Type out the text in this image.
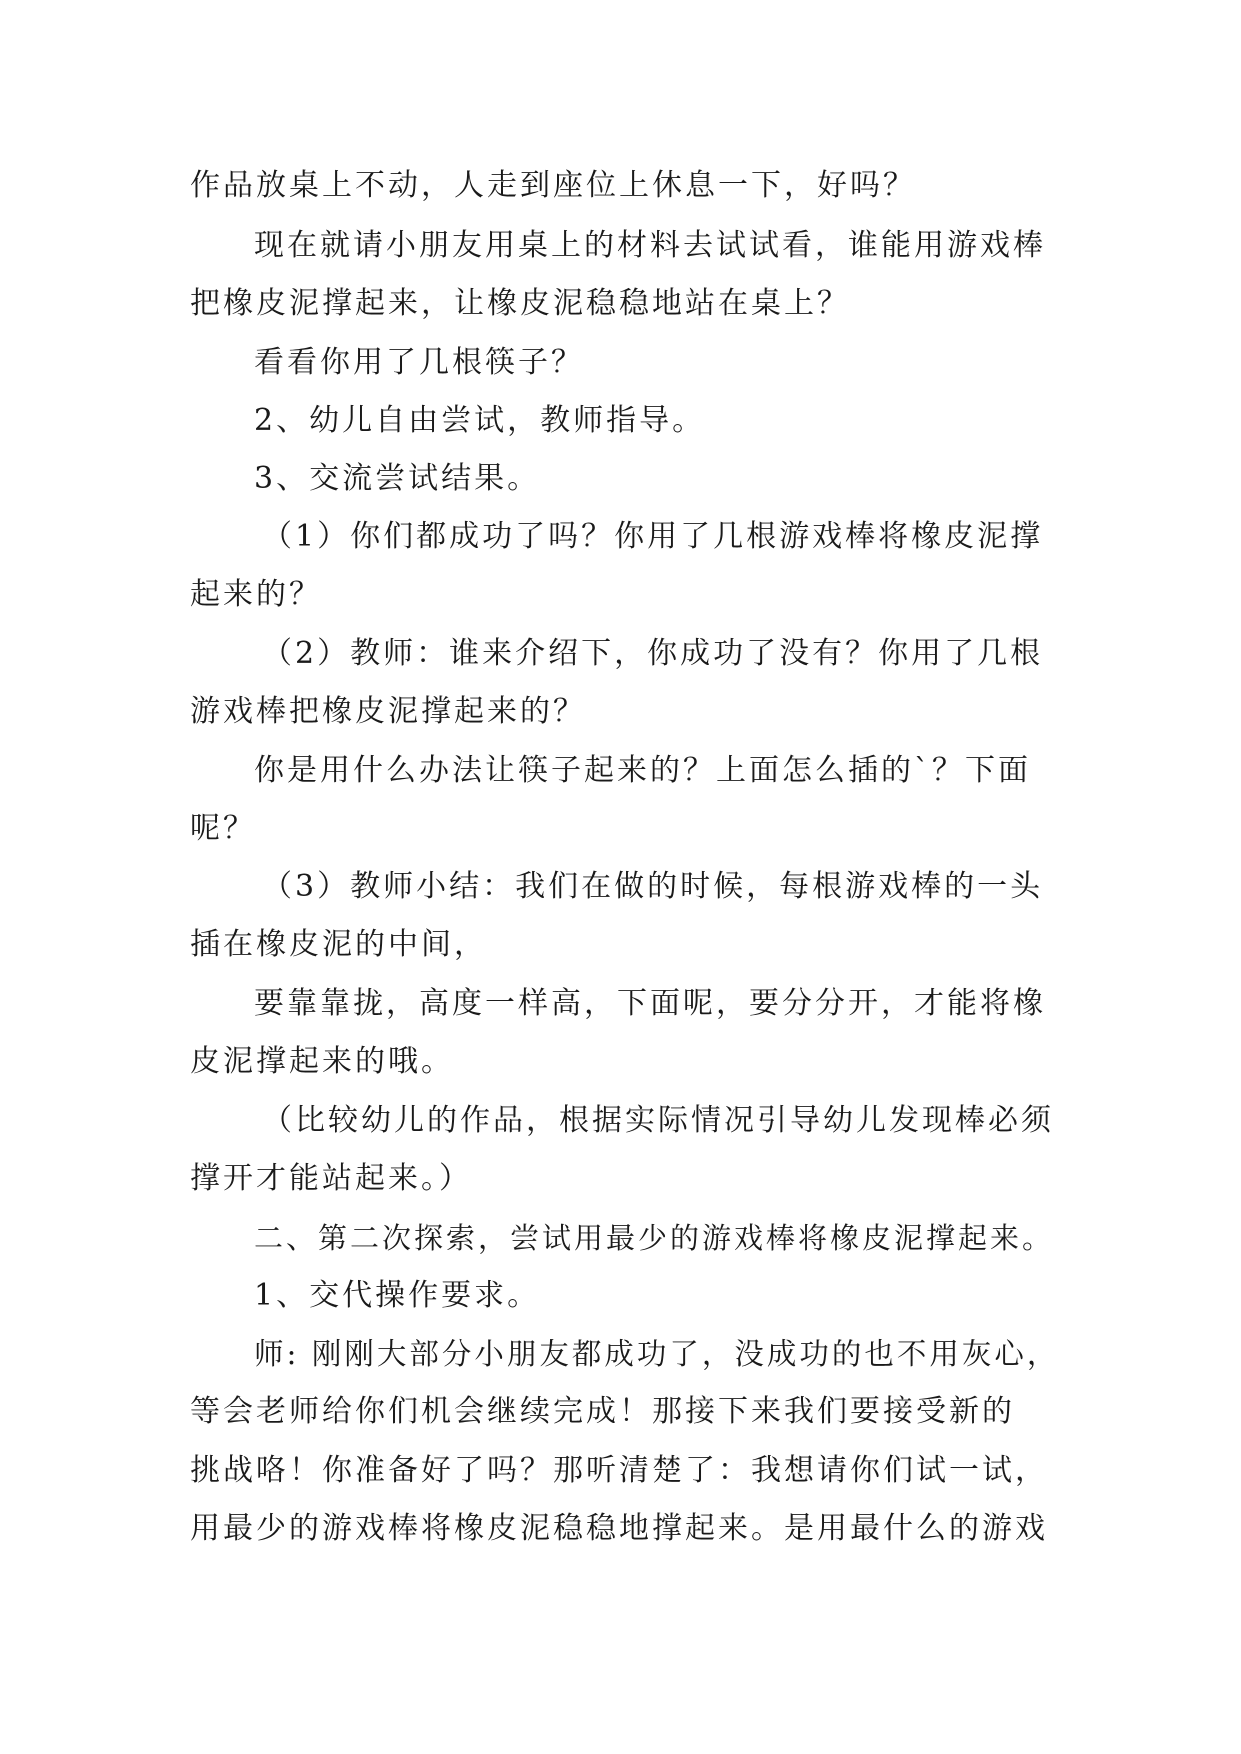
作品放桌上不动，人走到座位上休息一下，好吗？
现在就请小朋友用桌上的材料去试试看，谁能用游戏棒
把橡皮泥撑起来，让橡皮泥稳稳地站在桌上？
看看你用了几根筷子？
2、幼儿自由尝试，教师指导。
3、交流尝试结果。
（1）你们都成功了吗？你用了几根游戏棒将橡皮泥撑
起来的？
（2）教师：谁来介绍下，你成功了没有？你用了几根
游戏棒把橡皮泥撑起来的？
你是用什么办法让筷子起来的？上面怎么插的`？下面
呢？
（3）教师小结：我们在做的时候，每根游戏棒的一头
插在橡皮泥的中间，
要靠靠拢，高度一样高，下面呢，要分分开，才能将橡
皮泥撑起来的哦。
（比较幼儿的作品，根据实际情况引导幼儿发现棒必须
撑开才能站起来。）
二、第二次探索，尝试用最少的游戏棒将橡皮泥撑起来。
1、交代操作要求。
师: 刚刚大部分小朋友都成功了，没成功的也不用灰心，
等会老师给你们机会继续完成！那接下来我们要接受新的
挑战咯！你准备好了吗？那听清楚了：我想请你们试一试，
用最少的游戏棒将橡皮泥稳稳地撑起来。是用最什么的游戏
